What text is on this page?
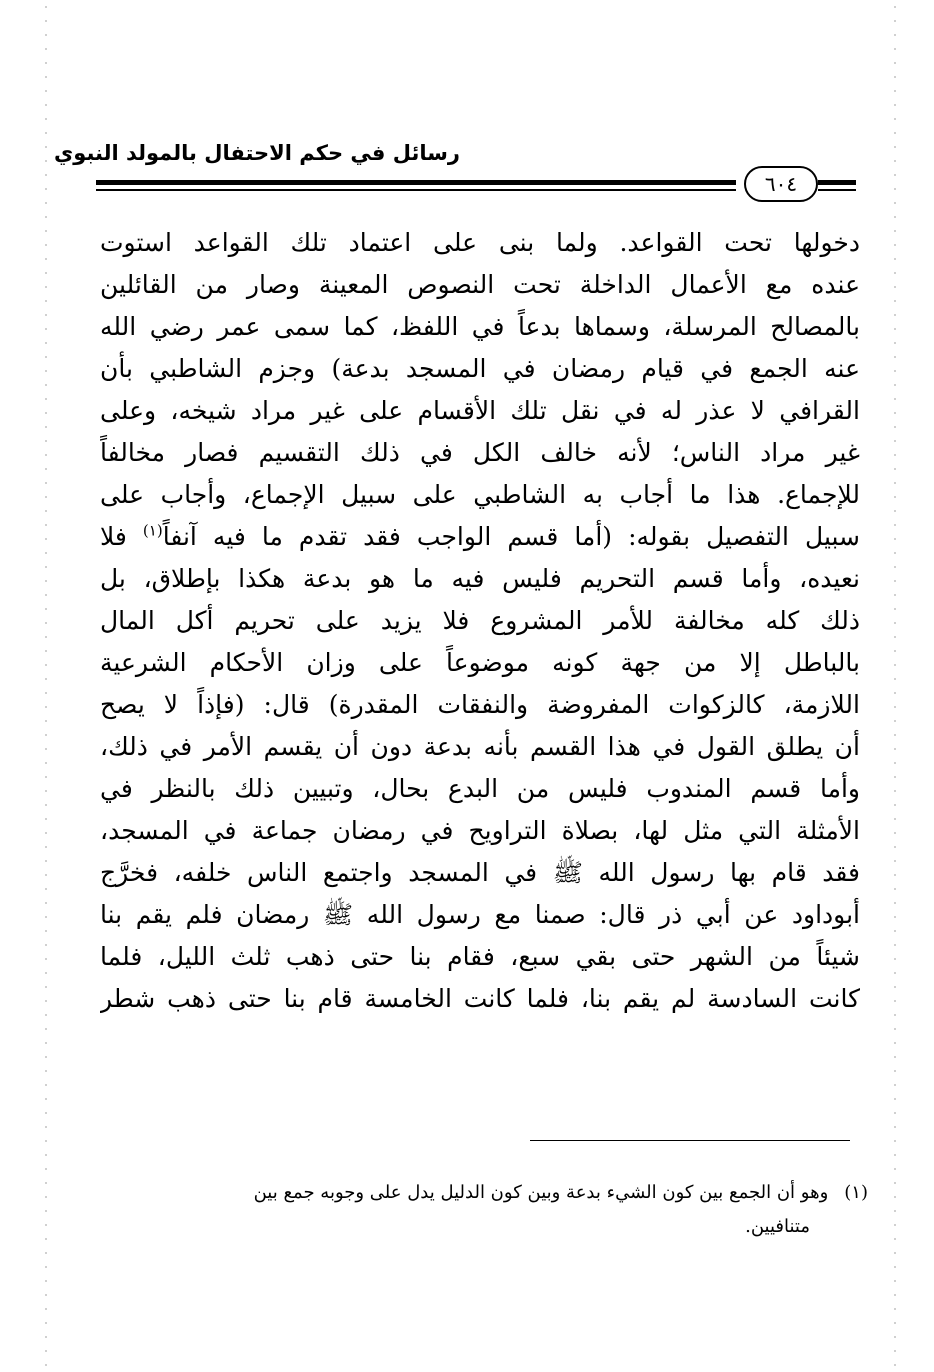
رسائل في حكم الاحتفال بالمولد النبوي
٦٠٤
دخولها تحت القواعد. ولما بنى على اعتماد تلك القواعد استوت
عنده مع الأعمال الداخلة تحت النصوص المعينة وصار من القائلين
بالمصالح المرسلة، وسماها بدعاً في اللفظ، كما سمى عمر رضي الله
عنه الجمع في قيام رمضان في المسجد بدعة) وجزم الشاطبي بأن
القرافي لا عذر له في نقل تلك الأقسام على غير مراد شيخه، وعلى
غير مراد الناس؛ لأنه خالف الكل في ذلك التقسيم فصار مخالفاً
للإجماع. هذا ما أجاب به الشاطبي على سبيل الإجماع، وأجاب على
سبيل التفصيل بقوله: (أما قسم الواجب فقد تقدم ما فيه آنفاً$^{(١)}$ فلا
نعيده، وأما قسم التحريم فليس فيه ما هو بدعة هكذا بإطلاق، بل
ذلك كله مخالفة للأمر المشروع فلا يزيد على تحريم أكل المال
بالباطل إلا من جهة كونه موضوعاً على وزان الأحكام الشرعية
اللازمة، كالزكوات المفروضة والنفقات المقدرة) قال: (فإذاً لا يصح
أن يطلق القول في هذا القسم بأنه بدعة دون أن يقسم الأمر في ذلك،
وأما قسم المندوب فليس من البدع بحال، وتبيين ذلك بالنظر في
الأمثلة التي مثل لها، بصلاة التراويح في رمضان جماعة في المسجد،
فقد قام بها رسول الله ﷺ في المسجد واجتمع الناس خلفه، فخرَّج
أبوداود عن أبي ذر قال: صمنا مع رسول الله ﷺ رمضان فلم يقم بنا
شيئاً من الشهر حتى بقي سبع، فقام بنا حتى ذهب ثلث الليل، فلما
كانت السادسة لم يقم بنا، فلما كانت الخامسة قام بنا حتى ذهب شطر
(١)وهو أن الجمع بين كون الشيء بدعة وبين كون الدليل يدل على وجوبه جمع بين
متنافيين.
